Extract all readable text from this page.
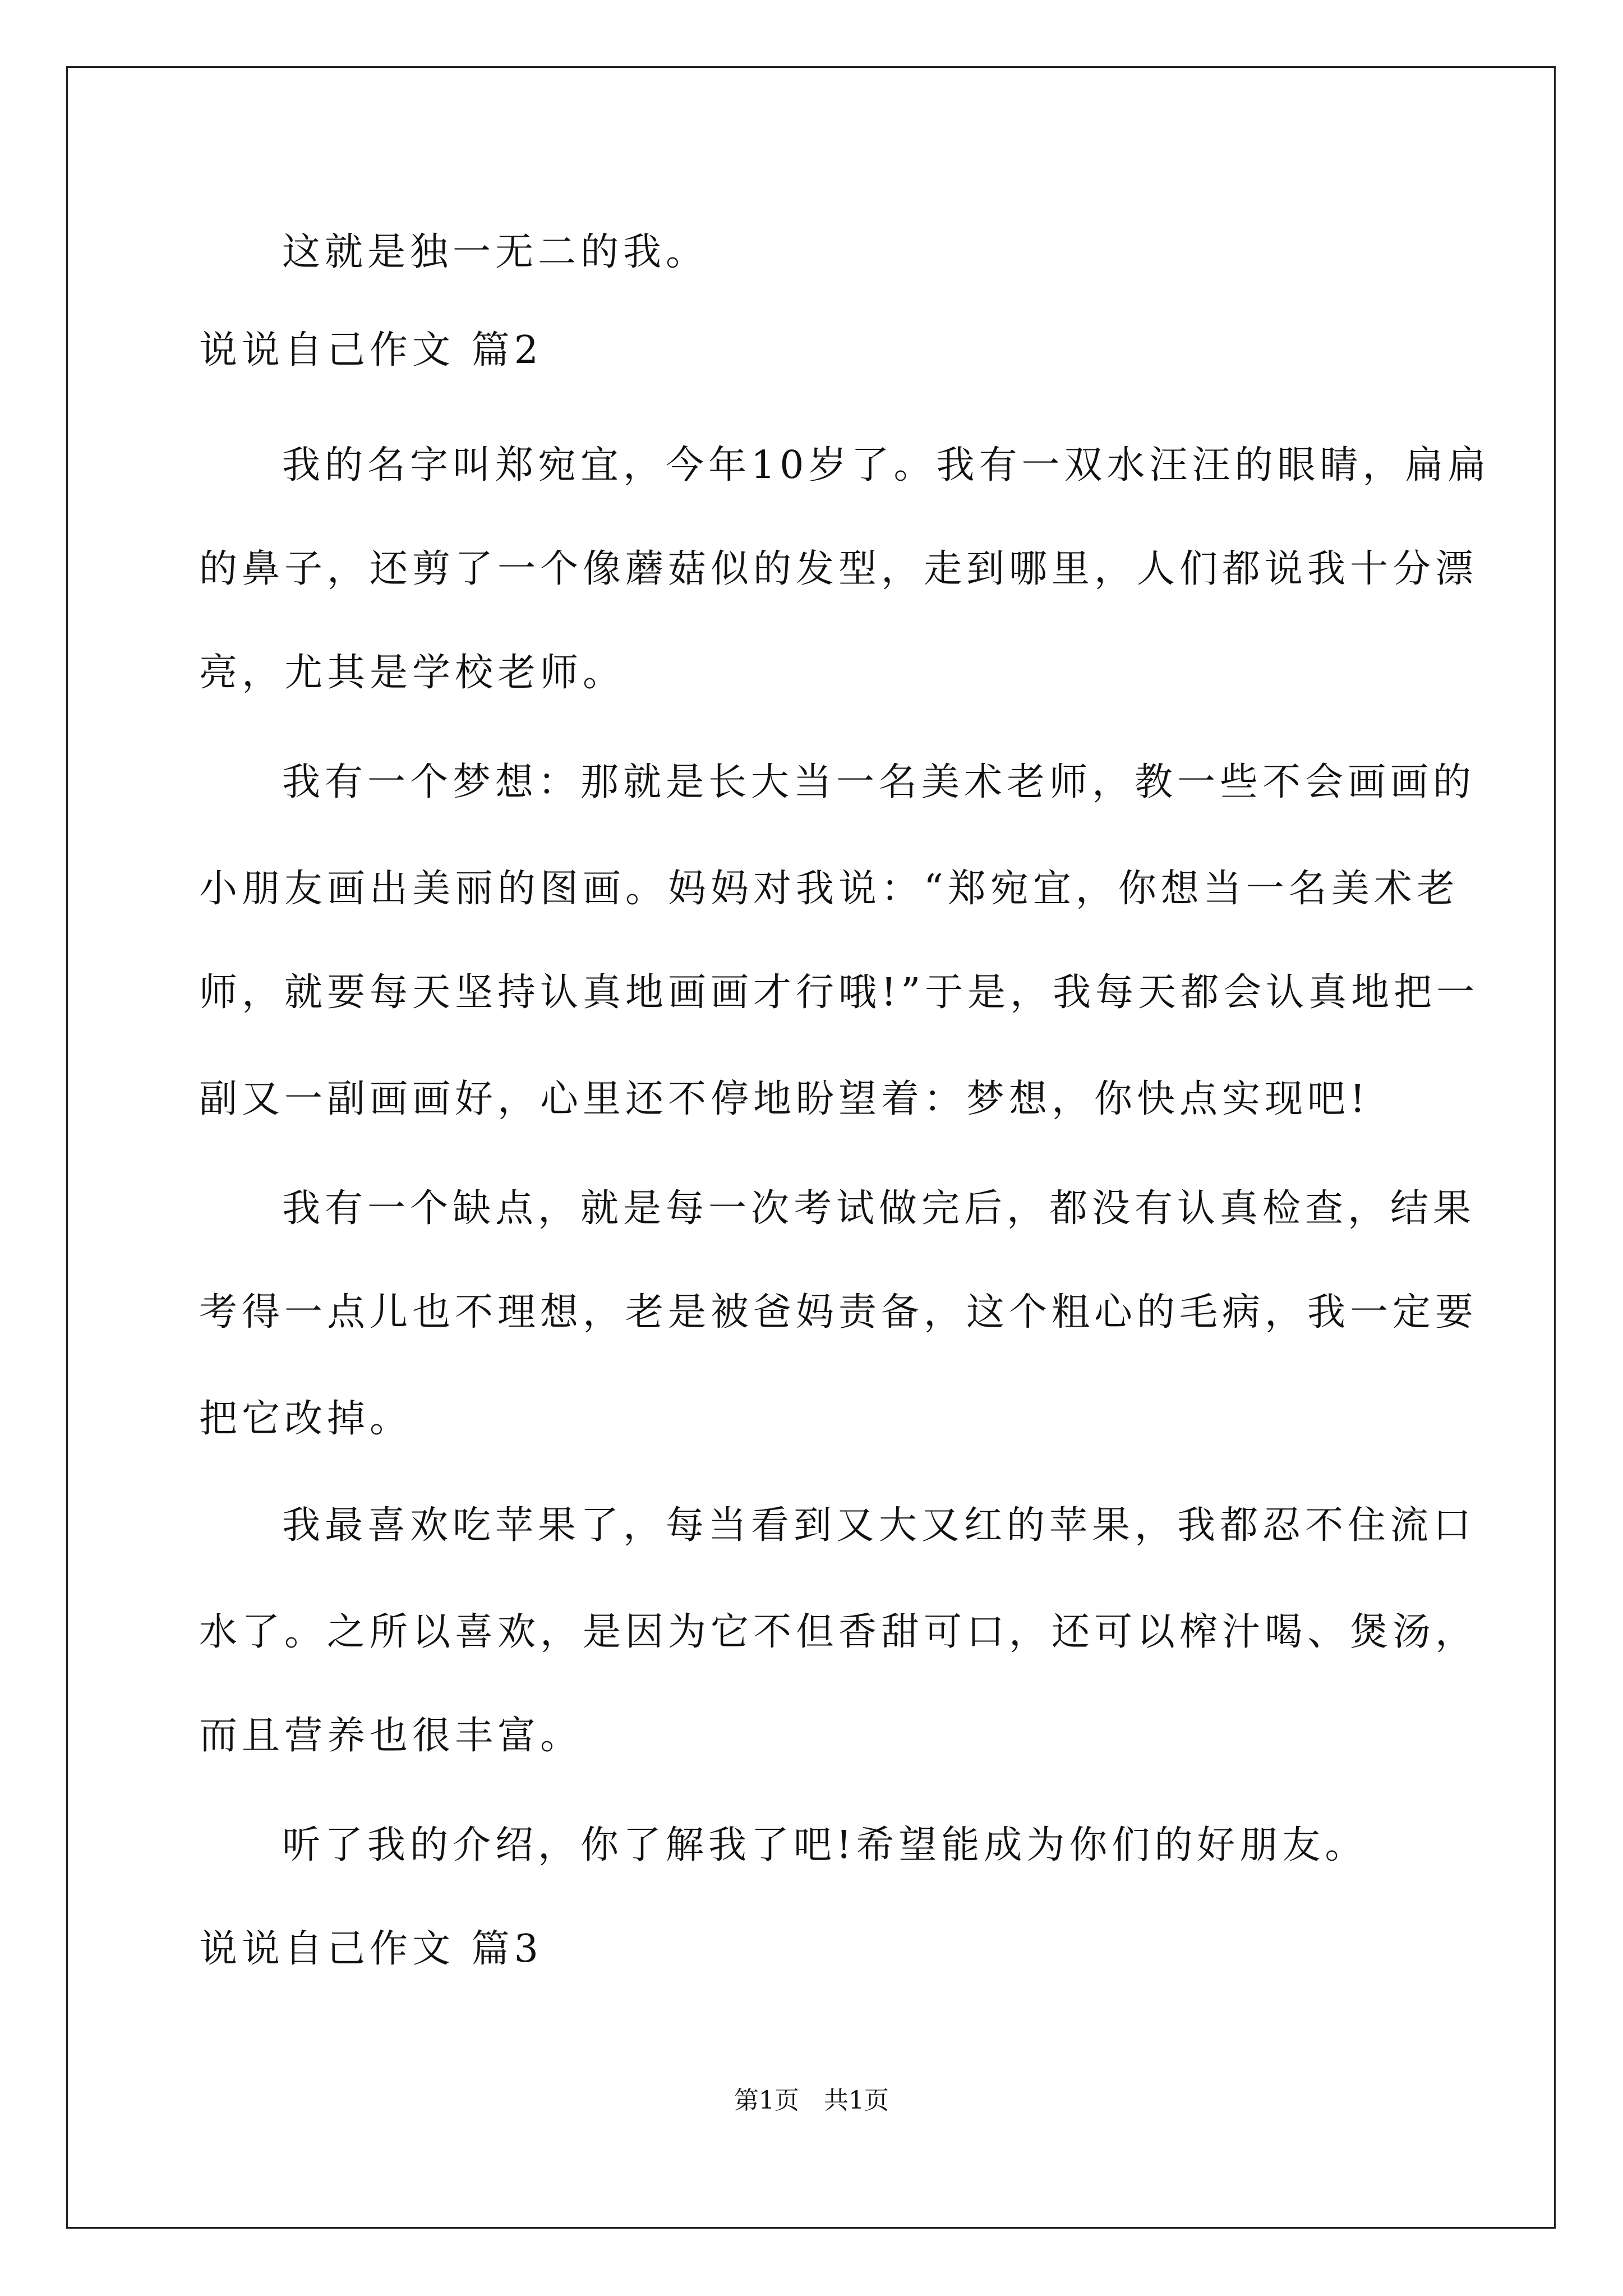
这就是独一无二的我。
说说自己作文 篇2
我的名字叫郑宛宜，今年10岁了。我有一双水汪汪的眼睛，扁扁
的鼻子，还剪了一个像蘑菇似的发型，走到哪里，人们都说我十分漂
亮，尤其是学校老师。
我有一个梦想：那就是长大当一名美术老师，教一些不会画画的
小朋友画出美丽的图画。妈妈对我说：“郑宛宜，你想当一名美术老
师，就要每天坚持认真地画画才行哦!”于是，我每天都会认真地把一
副又一副画画好，心里还不停地盼望着：梦想，你快点实现吧!
我有一个缺点，就是每一次考试做完后，都没有认真检查，结果
考得一点儿也不理想，老是被爸妈责备，这个粗心的毛病，我一定要
把它改掉。
我最喜欢吃苹果了，每当看到又大又红的苹果，我都忍不住流口
水了。之所以喜欢，是因为它不但香甜可口，还可以榨汁喝、煲汤，
而且营养也很丰富。
听了我的介绍，你了解我了吧!希望能成为你们的好朋友。
说说自己作文 篇3
第1页　共1页
